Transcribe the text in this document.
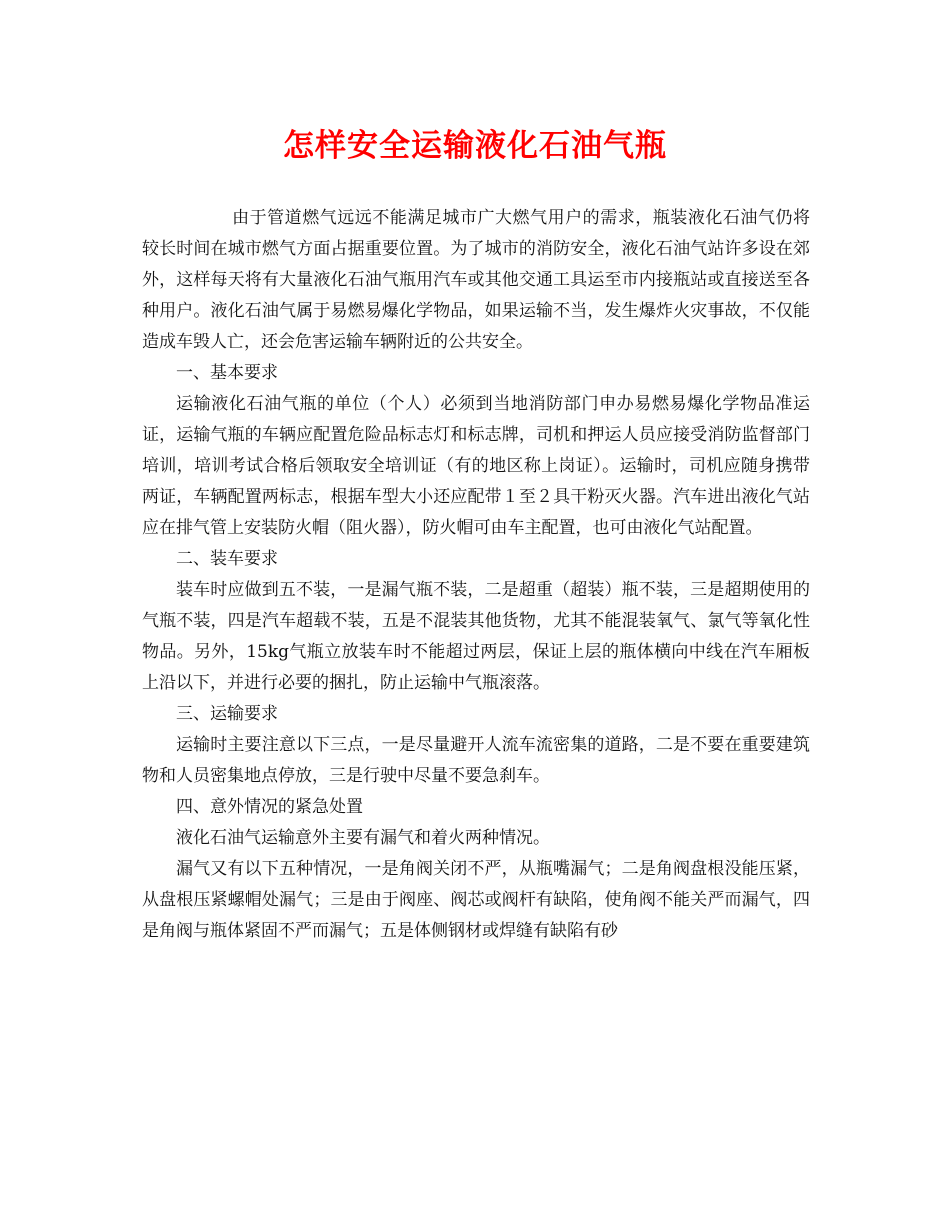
怎样安全运输液化石油气瓶

由于管道燃气远远不能满足城市广大燃气用户的需求，瓶装液化石油气仍将较长时间在城市燃气方面占据重要位置。为了城市的消防安全，液化石油气站许多设在郊外，这样每天将有大量液化石油气瓶用汽车或其他交通工具运至市内接瓶站或直接送至各种用户。液化石油气属于易燃易爆化学物品，如果运输不当，发生爆炸火灾事故，不仅能造成车毁人亡，还会危害运输车辆附近的公共安全。

一、基本要求

运输液化石油气瓶的单位（个人）必须到当地消防部门申办易燃易爆化学物品准运证，运输气瓶的车辆应配置危险品标志灯和标志牌，司机和押运人员应接受消防监督部门培训，培训考试合格后领取安全培训证（有的地区称上岗证）。运输时，司机应随身携带两证，车辆配置两标志，根据车型大小还应配带１至２具干粉灭火器。汽车进出液化气站应在排气管上安装防火帽（阻火器），防火帽可由车主配置，也可由液化气站配置。

二、装车要求

装车时应做到五不装，一是漏气瓶不装，二是超重（超装）瓶不装，三是超期使用的气瓶不装，四是汽车超载不装，五是不混装其他货物，尤其不能混装氧气、氯气等氧化性物品。另外，15kg气瓶立放装车时不能超过两层，保证上层的瓶体横向中线在汽车厢板上沿以下，并进行必要的捆扎，防止运输中气瓶滚落。

三、运输要求

运输时主要注意以下三点，一是尽量避开人流车流密集的道路，二是不要在重要建筑物和人员密集地点停放，三是行驶中尽量不要急刹车。

四、意外情况的紧急处置

液化石油气运输意外主要有漏气和着火两种情况。

漏气又有以下五种情况，一是角阀关闭不严，从瓶嘴漏气；二是角阀盘根没能压紧，从盘根压紧螺帽处漏气；三是由于阀座、阀芯或阀杆有缺陷，使角阀不能关严而漏气，四是角阀与瓶体紧固不严而漏气；五是体侧钢材或焊缝有缺陷有砂
